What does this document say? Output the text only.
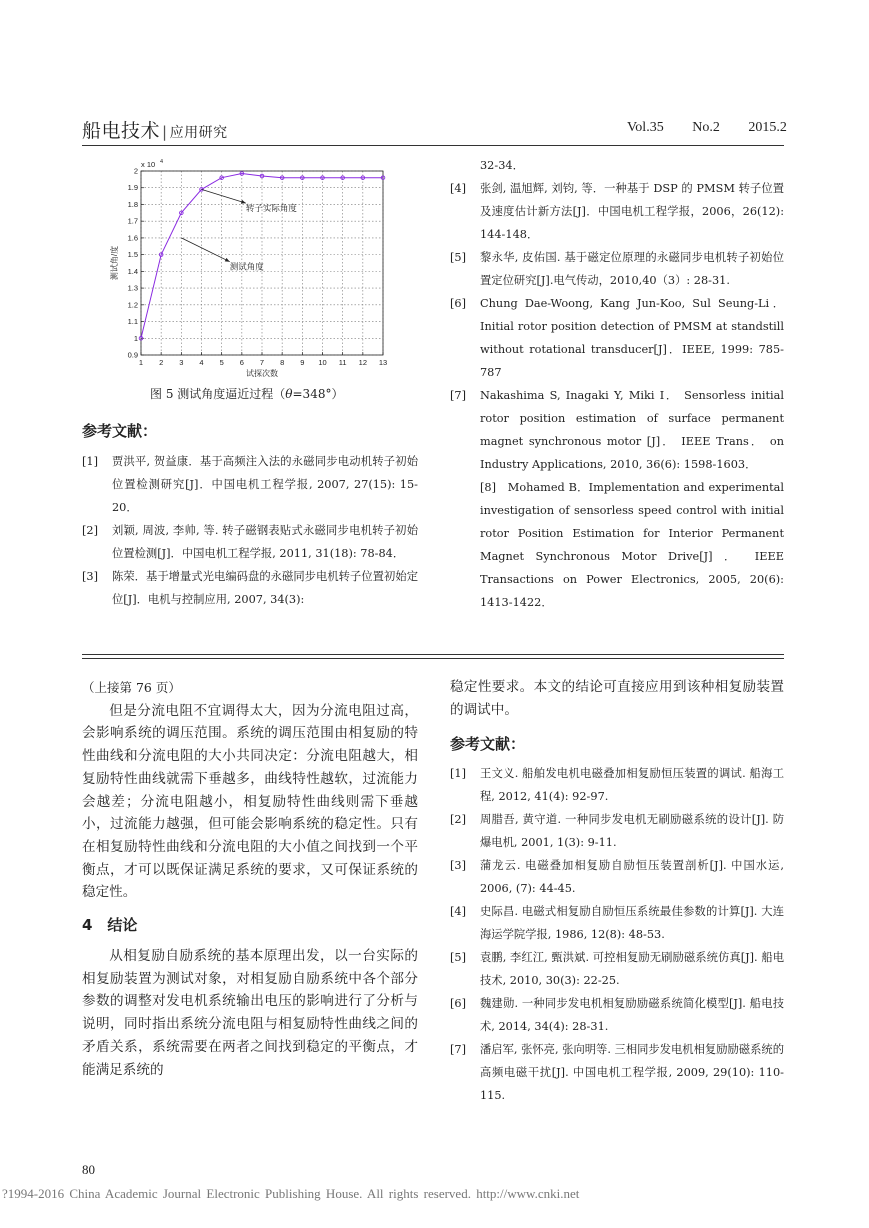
船电技术 | 应用研究	Vol.35 No.2 2015.2
1 2 3 4 5 6 7 8 9 10 11 12 13
0.9
1
1.1
1.2
1.3
1.4
1.5
1.6
1.7
1.8
1.9
2
x 10 4
试探次数
测试角/度
转子实际角度
测试角度
图 5 测试角度逼近过程（θ=348°）
参考文献：
[1]	贾洪平, 贺益康．基于高频注入法的永磁同步电动机转子初始位置检测研究[J]．中国电机工程学报, 2007, 27(15): 15-20．
[2]	刘颖, 周波, 李帅, 等. 转子磁钢表贴式永磁同步电机转子初始位置检测[J]．中国电机工程学报, 2011, 31(18): 78-84．
[3]	陈荣．基于增量式光电编码盘的永磁同步电机转子位置初始定位[J]．电机与控制应用, 2007, 34(3):
32-34．
[4]	张剑, 温旭辉, 刘钧, 等．一种基于 DSP 的 PMSM 转子位置及速度估计新方法[J]．中国电机工程学报，2006，26(12): 144-148．
[5]	黎永华, 皮佑国. 基于磁定位原理的永磁同步电机转子初始位置定位研究[J].电气传动，2010,40（3）: 28-31.
[6]	Chung Dae-Woong, Kang Jun-Koo, Sul Seung-Li．Initial rotor position detection of PMSM at standstill without rotational transducer[J]．IEEE, 1999: 785-787
[7]	Nakashima S, Inagaki Y, Miki I． Sensorless initial rotor position estimation of surface permanent magnet synchronous motor [J]． IEEE Trans． on Industry Applications, 2010, 36(6): 1598-1603．
[8]　Mohamed B．Implementation and experimental investigation of sensorless speed control with initial rotor Position Estimation for Interior Permanent Magnet Synchronous Motor Drive[J] ． IEEE Transactions on Power Electronics, 2005, 20(6): 1413-1422．
（上接第 76 页）
但是分流电阻不宜调得太大，因为分流电阻过高，会影响系统的调压范围。系统的调压范围由相复励的特性曲线和分流电阻的大小共同决定：分流电阻越大，相复励特性曲线就需下垂越多，曲线特性越软，过流能力会越差；分流电阻越小，相复励特性曲线则需下垂越小，过流能力越强，但可能会影响系统的稳定性。只有在相复励特性曲线和分流电阻的大小值之间找到一个平衡点，才可以既保证满足系统的要求，又可保证系统的稳定性。
4　结论
从相复励自励系统的基本原理出发，以一台实际的相复励装置为测试对象，对相复励自励系统中各个部分参数的调整对发电机系统输出电压的影响进行了分析与说明，同时指出系统分流电阻与相复励特性曲线之间的矛盾关系，系统需要在两者之间找到稳定的平衡点，才能满足系统的
稳定性要求。本文的结论可直接应用到该种相复励装置的调试中。
参考文献：
[1]	王文义. 船舶发电机电磁叠加相复励恒压装置的调试. 船海工程, 2012, 41(4): 92-97.
[2]	周腊吾, 黄守道. 一种同步发电机无刷励磁系统的设计[J]. 防爆电机, 2001, 1(3): 9-11.
[3]	蒲龙云. 电磁叠加相复励自励恒压装置剖析[J]. 中国水运, 2006, (7): 44-45.
[4]	史际昌. 电磁式相复励自励恒压系统最佳参数的计算[J]. 大连海运学院学报, 1986, 12(8): 48-53.
[5]	袁鹏, 李红江, 甄洪斌. 可控相复励无刷励磁系统仿真[J]. 船电技术, 2010, 30(3): 22-25.
[6]	魏建勋. 一种同步发电机相复励励磁系统简化模型[J]. 船电技术, 2014, 34(4): 28-31.
[7]	潘启军, 张怀亮, 张向明等. 三相同步发电机相复励励磁系统的高频电磁干扰[J]. 中国电机工程学报, 2009, 29(10): 110-115.
80
?1994-2016 China Academic Journal Electronic Publishing House. All rights reserved. http://www.cnki.net
